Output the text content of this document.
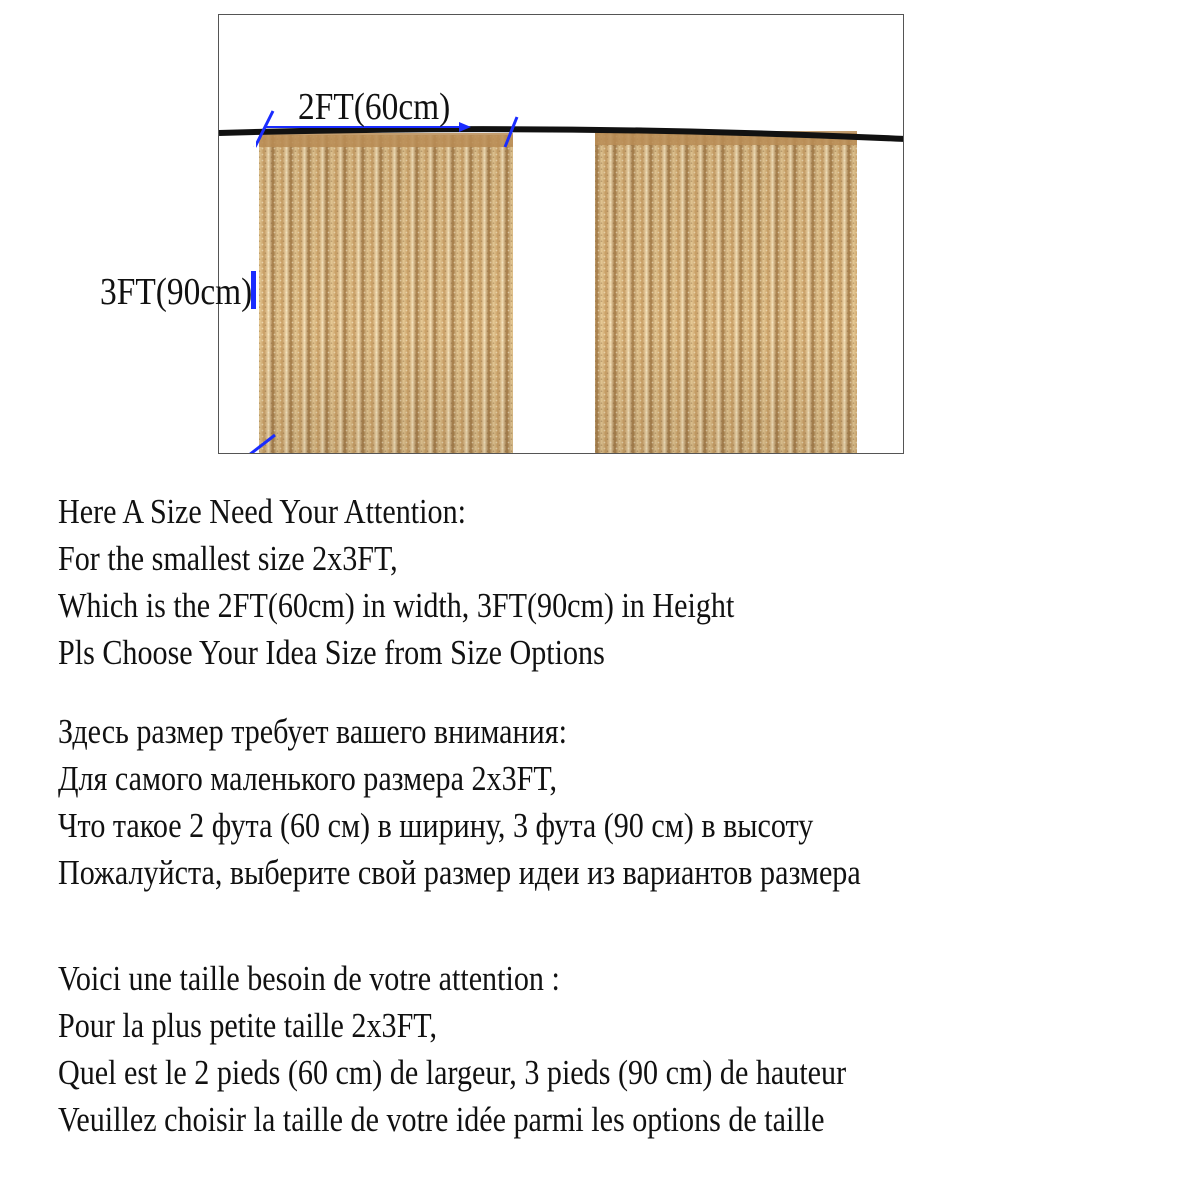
2FT(60cm)
3FT(90cm)
Here A Size Need Your Attention:
For the smallest size 2x3FT,
Which is the 2FT(60cm) in width, 3FT(90cm) in Height
Pls Choose Your Idea Size from Size Options
Здесь размер требует вашего внимания:
Для самого маленького размера 2x3FT,
Что такое 2 фута (60 см) в ширину, 3 фута (90 см) в высоту
Пожалуйста, выберите свой размер идеи из вариантов размера
Voici une taille besoin de votre attention :
Pour la plus petite taille 2x3FT,
Quel est le 2 pieds (60 cm) de largeur, 3 pieds (90 cm) de hauteur
Veuillez choisir la taille de votre idée parmi les options de taille
